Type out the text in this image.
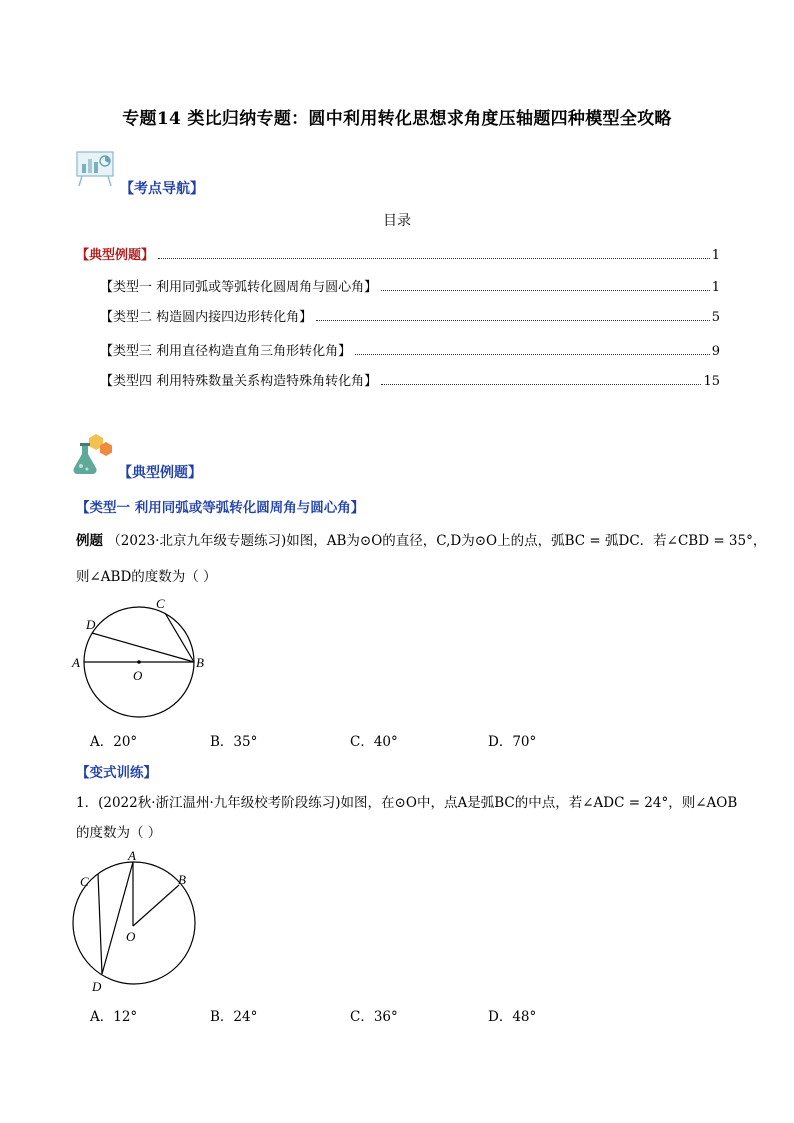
专题14 类比归纳专题：圆中利用转化思想求角度压轴题四种模型全攻略
【考点导航】
目录
【典型例题】	1
【类型一 利用同弧或等弧转化圆周角与圆心角】	1
【类型二 构造圆内接四边形转化角】	5
【类型三 利用直径构造直角三角形转化角】	9
【类型四 利用特殊数量关系构造特殊角转化角】	15
【典型例题】
【类型一 利用同弧或等弧转化圆周角与圆心角】
例题 （2023·北京九年级专题练习)如图，AB为⊙O的直径，C,D为⊙O上的点，弧BC = 弧DC．若∠CBD = 35°，
则∠ABD的度数为（ ）
D
C
A	B
O
A．20°	B．35°	C．40°	D．70°
【变式训练】
1．(2022秋·浙江温州·九年级校考阶段练习)如图，在⊙O中，点A是弧BC的中点，若∠ADC = 24°，则∠AOB
的度数为（ ）
A
C	B
O
D
A．12°	B．24°	C．36°	D．48°
